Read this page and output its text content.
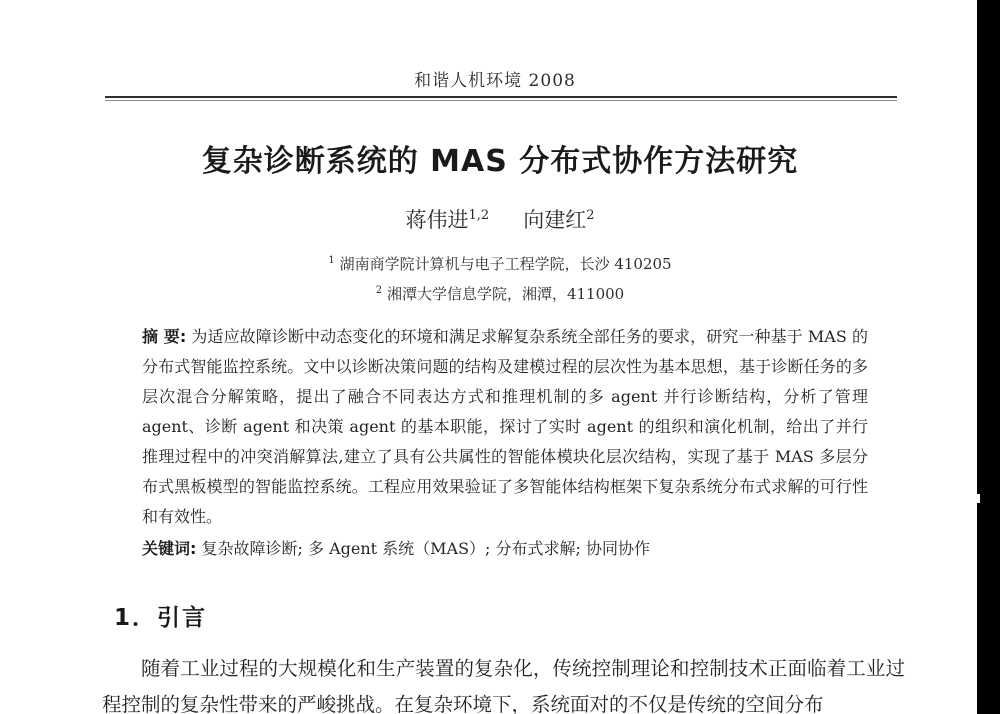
和谐人机环境 2008
复杂诊断系统的 MAS 分布式协作方法研究
蒋伟进$^{1,2}$ 向建红$^2$
$^1$ 湖南商学院计算机与电子工程学院，长沙 410205
$^2$ 湘潭大学信息学院，湘潭，411000

摘 要: 为适应故障诊断中动态变化的环境和满足求解复杂系统全部任务的要求，研究一种基于 MAS 的分布式智能监控系统。文中以诊断决策问题的结构及建模过程的层次性为基本思想，基于诊断任务的多层次混合分解策略，提出了融合不同表达方式和推理机制的多 agent 并行诊断结构，分析了管理 agent、诊断 agent 和决策 agent 的基本职能，探讨了实时 agent 的组织和演化机制，给出了并行推理过程中的冲突消解算法,建立了具有公共属性的智能体模块化层次结构，实现了基于 MAS 多层分布式黑板模型的智能监控系统。工程应用效果验证了多智能体结构框架下复杂系统分布式求解的可行性和有效性。

关键词: 复杂故障诊断; 多 Agent 系统（MAS）; 分布式求解; 协同协作

1．引言

随着工业过程的大规模化和生产装置的复杂化，传统控制理论和控制技术正面临着工业过程控制的复杂性带来的严峻挑战。在复杂环境下，系统面对的不仅是传统的空间分布
